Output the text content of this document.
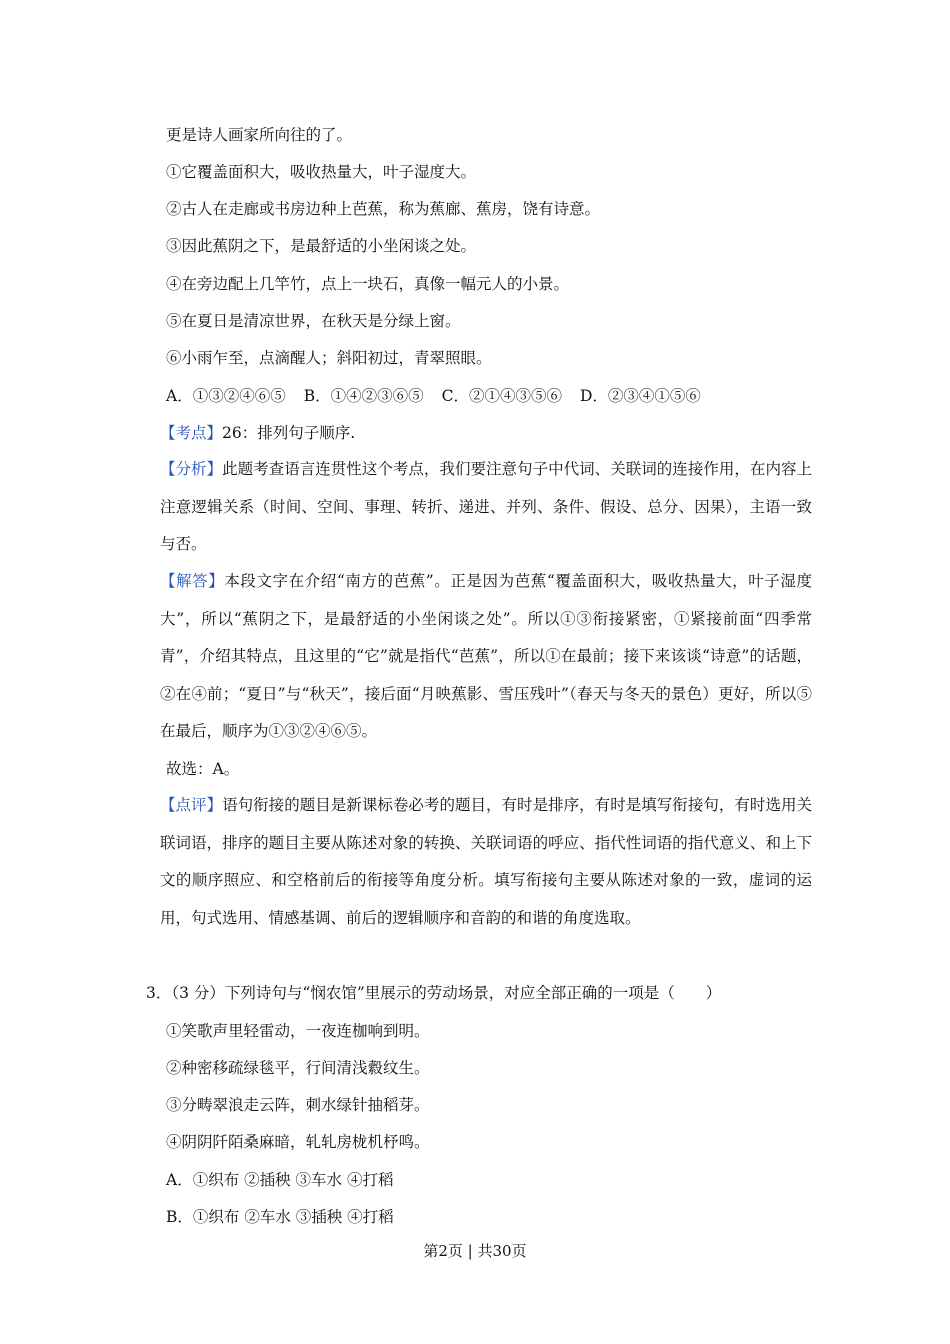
更是诗人画家所向往的了。
①它覆盖面积大，吸收热量大，叶子湿度大。
②古人在走廊或书房边种上芭蕉，称为蕉廊、蕉房，饶有诗意。
③因此蕉阴之下，是最舒适的小坐闲谈之处。
④在旁边配上几竿竹，点上一块石，真像一幅元人的小景。
⑤在夏日是清凉世界，在秋天是分绿上窗。
⑥小雨乍至，点滴醒人；斜阳初过，青翠照眼。
A．①③②④⑥⑤ B．①④②③⑥⑤ C．②①④③⑤⑥ D．②③④①⑤⑥
【考点】26：排列句子顺序.
【分析】此题考查语言连贯性这个考点，我们要注意句子中代词、关联词的连接作用，在内容上注意逻辑关系（时间、空间、事理、转折、递进、并列、条件、假设、总分、因果），主语一致与否。
【解答】本段文字在介绍“南方的芭蕉”。正是因为芭蕉“覆盖面积大，吸收热量大，叶子湿度大”，所以“蕉阴之下，是最舒适的小坐闲谈之处”。所以①③衔接紧密，①紧接前面“四季常青”，介绍其特点，且这里的“它”就是指代“芭蕉”，所以①在最前；接下来该谈“诗意”的话题，②在④前；“夏日”与“秋天”，接后面“月映蕉影、雪压残叶”（春天与冬天的景色）更好，所以⑤在最后，顺序为①③②④⑥⑤。
故选：A。
【点评】语句衔接的题目是新课标卷必考的题目，有时是排序，有时是填写衔接句，有时选用关联词语，排序的题目主要从陈述对象的转换、关联词语的呼应、指代性词语的指代意义、和上下文的顺序照应、和空格前后的衔接等角度分析。填写衔接句主要从陈述对象的一致，虚词的运用，句式选用、情感基调、前后的逻辑顺序和音韵的和谐的角度选取。
3．（3 分）下列诗句与“悯农馆”里展示的劳动场景，对应全部正确的一项是（　　）
①笑歌声里轻雷动，一夜连枷响到明。
②种密移疏绿毯平，行间清浅縠纹生。
③分畴翠浪走云阵，刺水绿针抽稻芽。
④阴阴阡陌桑麻暗，轧轧房栊机杼鸣。
A．①织布 ②插秧 ③车水 ④打稻
B．①织布 ②车水 ③插秧 ④打稻
第2页 | 共30页
